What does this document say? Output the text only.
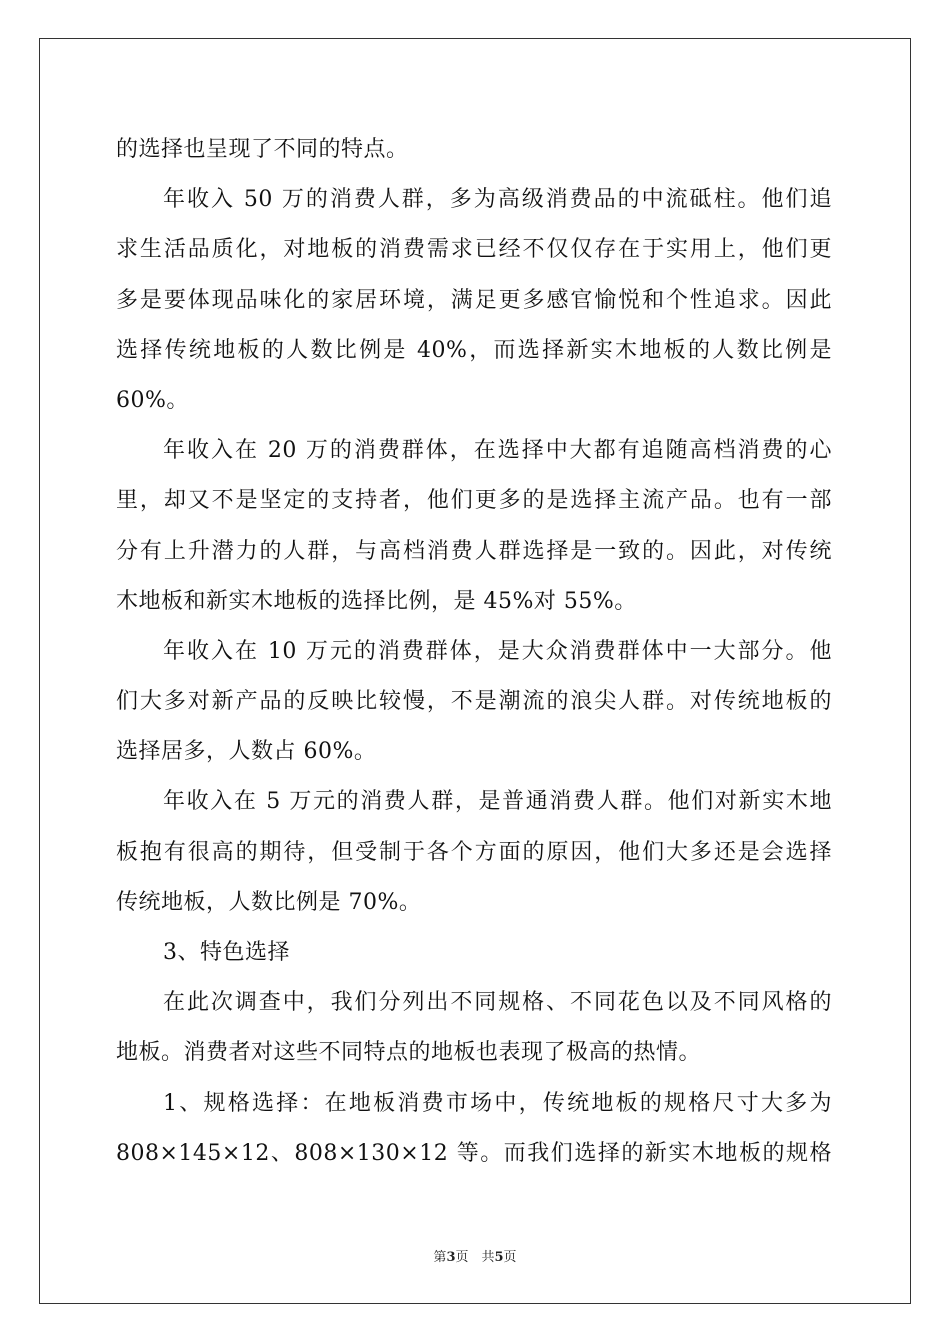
的选择也呈现了不同的特点。
年收入 50 万的消费人群，多为高级消费品的中流砥柱。他们追
求生活品质化，对地板的消费需求已经不仅仅存在于实用上，他们更
多是要体现品味化的家居环境，满足更多感官愉悦和个性追求。因此
选择传统地板的人数比例是 40%，而选择新实木地板的人数比例是
60%。
年收入在 20 万的消费群体，在选择中大都有追随高档消费的心
里，却又不是坚定的支持者，他们更多的是选择主流产品。也有一部
分有上升潜力的人群，与高档消费人群选择是一致的。因此，对传统
木地板和新实木地板的选择比例，是 45%对 55%。
年收入在 10 万元的消费群体，是大众消费群体中一大部分。他
们大多对新产品的反映比较慢，不是潮流的浪尖人群。对传统地板的
选择居多，人数占 60%。
年收入在 5 万元的消费人群，是普通消费人群。他们对新实木地
板抱有很高的期待，但受制于各个方面的原因，他们大多还是会选择
传统地板，人数比例是 70%。
3、特色选择
在此次调查中，我们分列出不同规格、不同花色以及不同风格的
地板。消费者对这些不同特点的地板也表现了极高的热情。
1、规格选择：在地板消费市场中，传统地板的规格尺寸大多为
808×145×12、808×130×12 等。而我们选择的新实木地板的规格
第3页　共5页
